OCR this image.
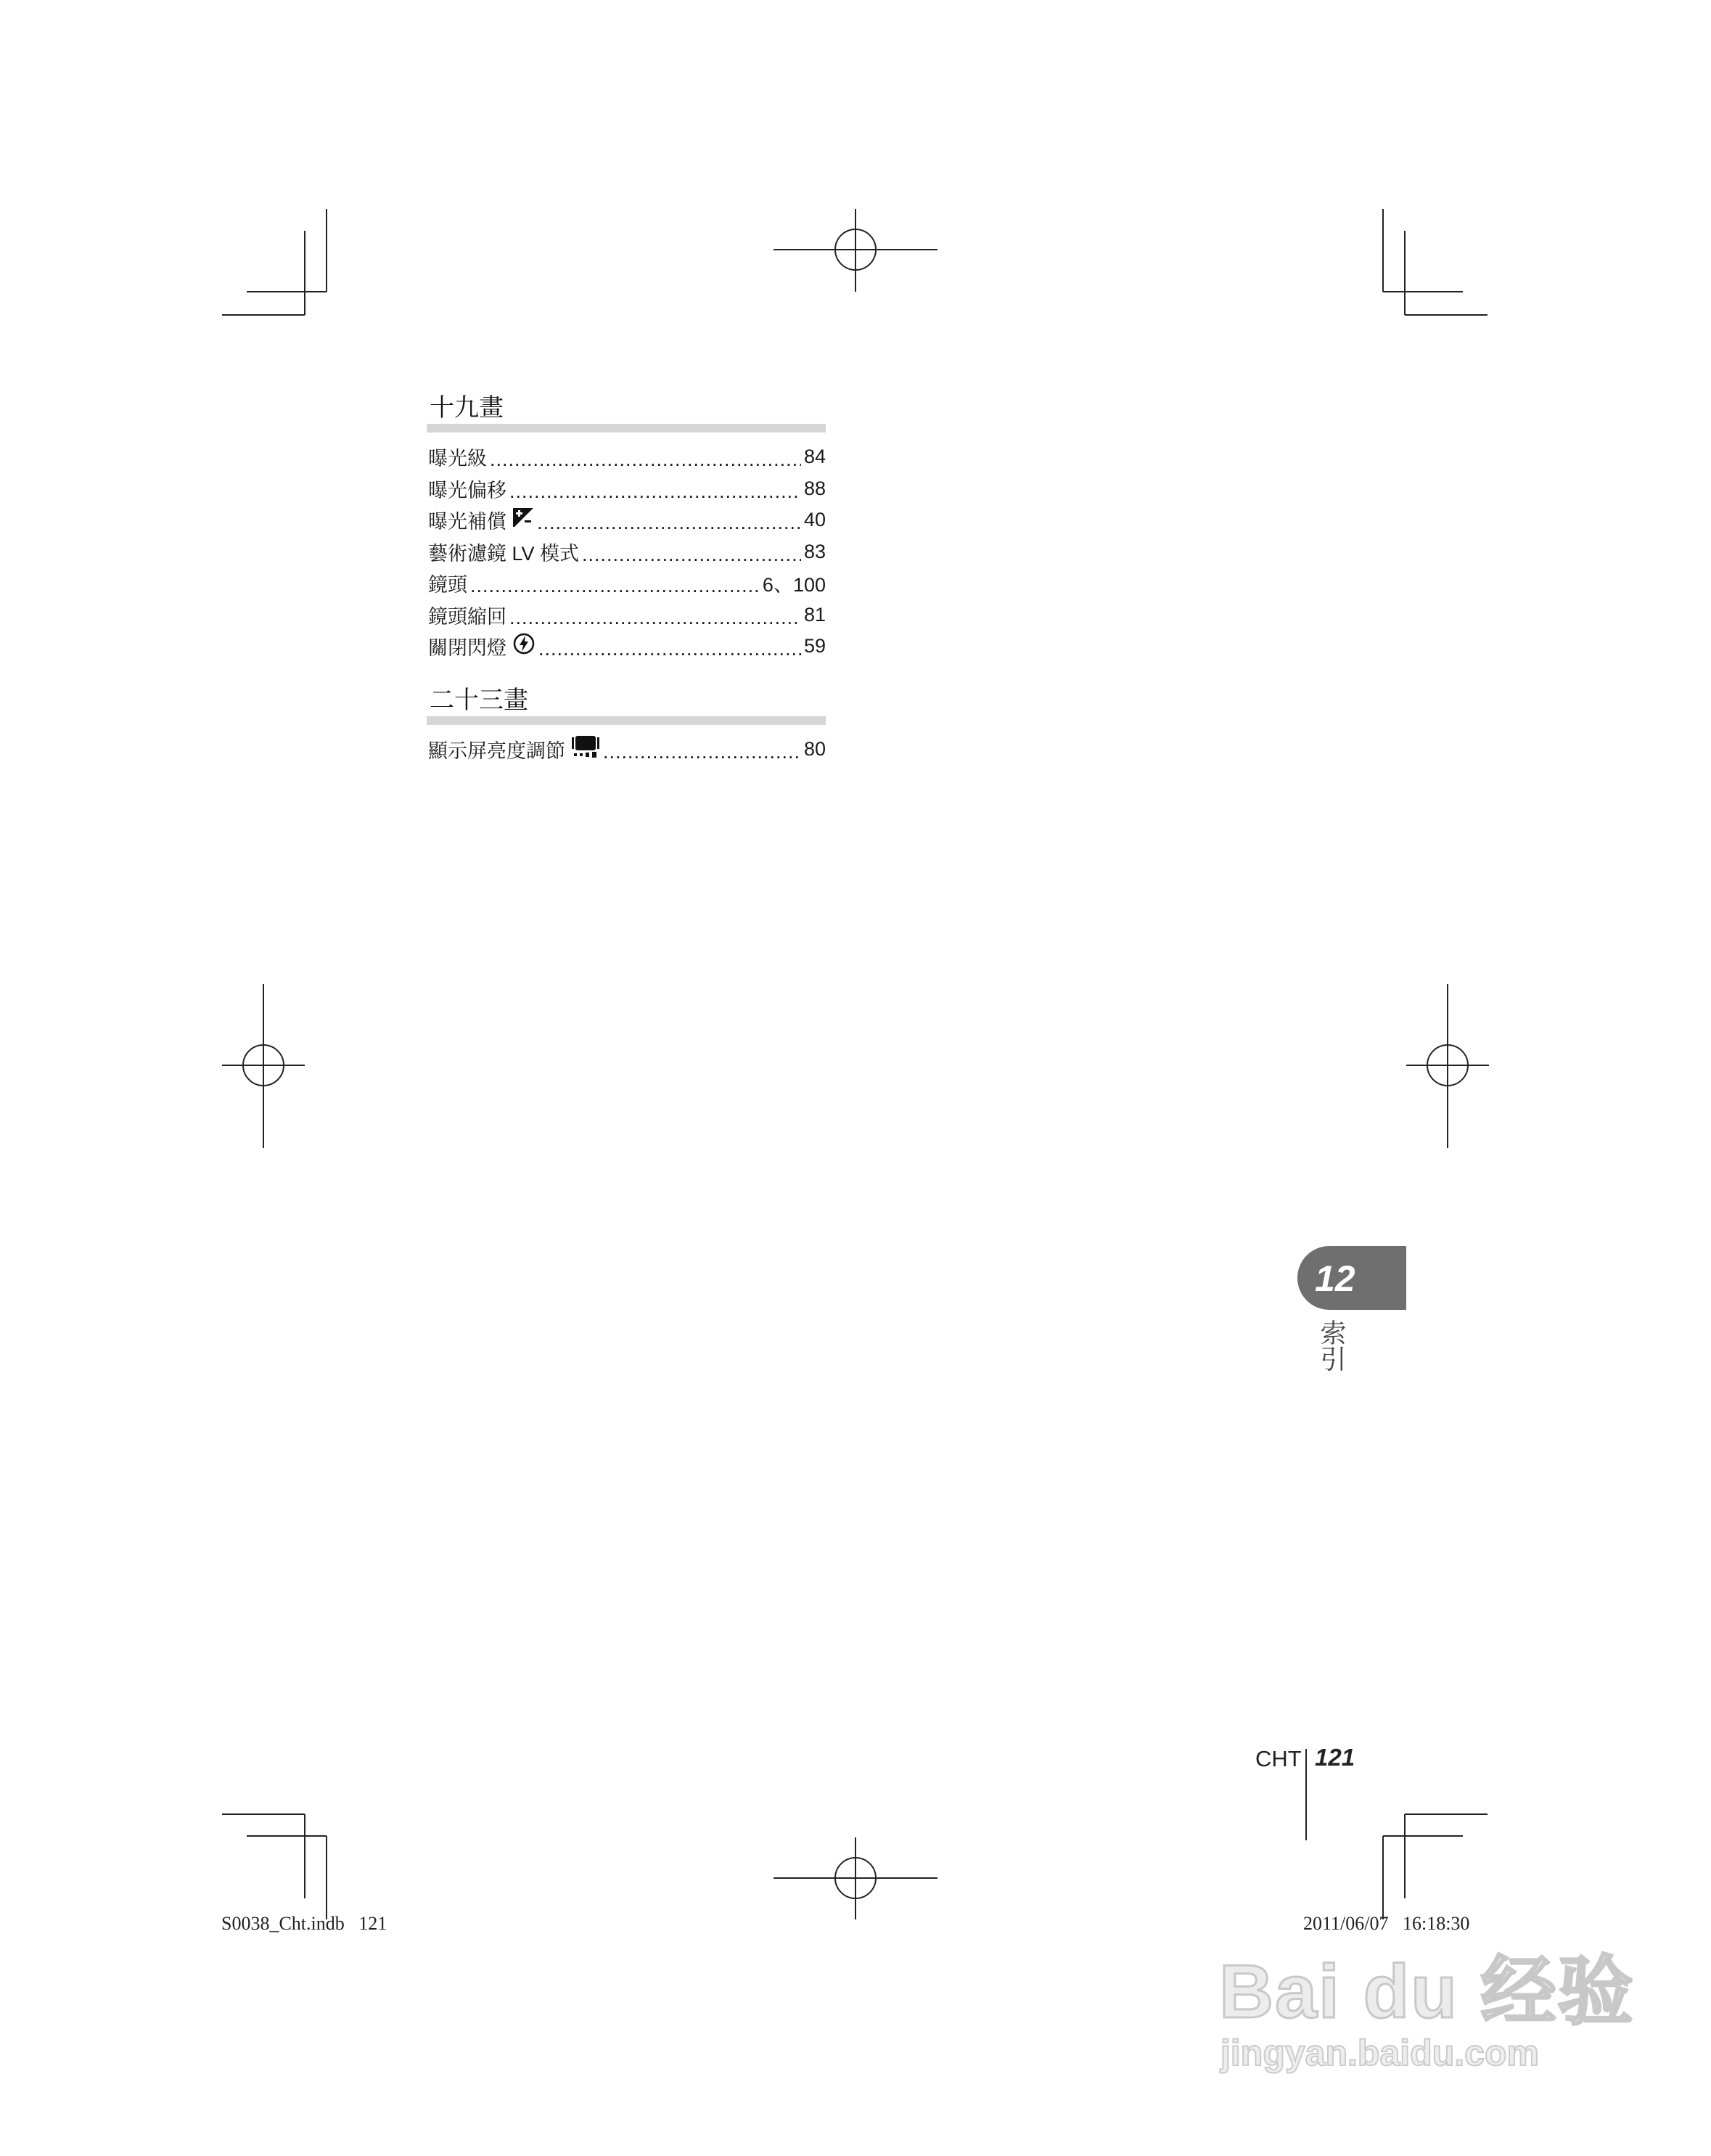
十九畫
曝光級 .....	84
曝光偏移 .....	88
曝光補償 .....	40
藝術濾鏡 LV 模式 .....	83
鏡頭 .....	6、100
鏡頭縮回 .....	81
關閉閃燈 .....	59
二十三畫
顯示屏亮度調節 .....	80
12
索引
CHT 121
S0038_Cht.indb   121	2011/06/07   16:18:30
Bai du 经验
jingyan.baidu.com
